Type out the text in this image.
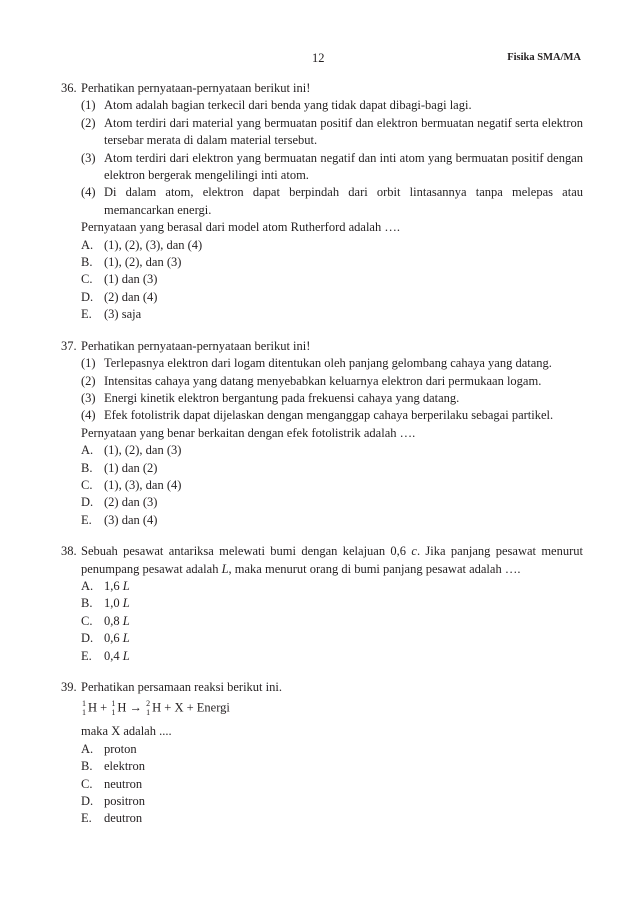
12	Fisika SMA/MA
36. Perhatikan pernyataan-pernyataan berikut ini!
(1) Atom adalah bagian terkecil dari benda yang tidak dapat dibagi-bagi lagi.
(2) Atom terdiri dari material yang bermuatan positif dan elektron bermuatan negatif serta elektron tersebar merata di dalam material tersebut.
(3) Atom terdiri dari elektron yang bermuatan negatif dan inti atom yang bermuatan positif dengan elektron bergerak mengelilingi inti atom.
(4) Di dalam atom, elektron dapat berpindah dari orbit lintasannya tanpa melepas atau memancarkan energi.
Pernyataan yang berasal dari model atom Rutherford adalah ….
A. (1), (2), (3), dan (4)
B. (1), (2), dan (3)
C. (1) dan (3)
D. (2) dan (4)
E. (3) saja
37. Perhatikan pernyataan-pernyataan berikut ini!
(1) Terlepasnya elektron dari logam ditentukan oleh panjang gelombang cahaya yang datang.
(2) Intensitas cahaya yang datang menyebabkan keluarnya elektron dari permukaan logam.
(3) Energi kinetik elektron bergantung pada frekuensi cahaya yang datang.
(4) Efek fotolistrik dapat dijelaskan dengan menganggap cahaya berperilaku sebagai partikel.
Pernyataan yang benar berkaitan dengan efek fotolistrik adalah ….
A. (1), (2), dan (3)
B. (1) dan (2)
C. (1), (3), dan (4)
D. (2) dan (3)
E. (3) dan (4)
38. Sebuah pesawat antariksa melewati bumi dengan kelajuan 0,6 c. Jika panjang pesawat menurut penumpang pesawat adalah L, maka menurut orang di bumi panjang pesawat adalah ….
A. 1,6 L
B. 1,0 L
C. 0,8 L
D. 0,6 L
E. 0,4 L
39. Perhatikan persamaan reaksi berikut ini.
1
1 H + 1
1 H → 2
1 H + X + Energi
maka X adalah ....
A. proton
B. elektron
C. neutron
D. positron
E. deutron
